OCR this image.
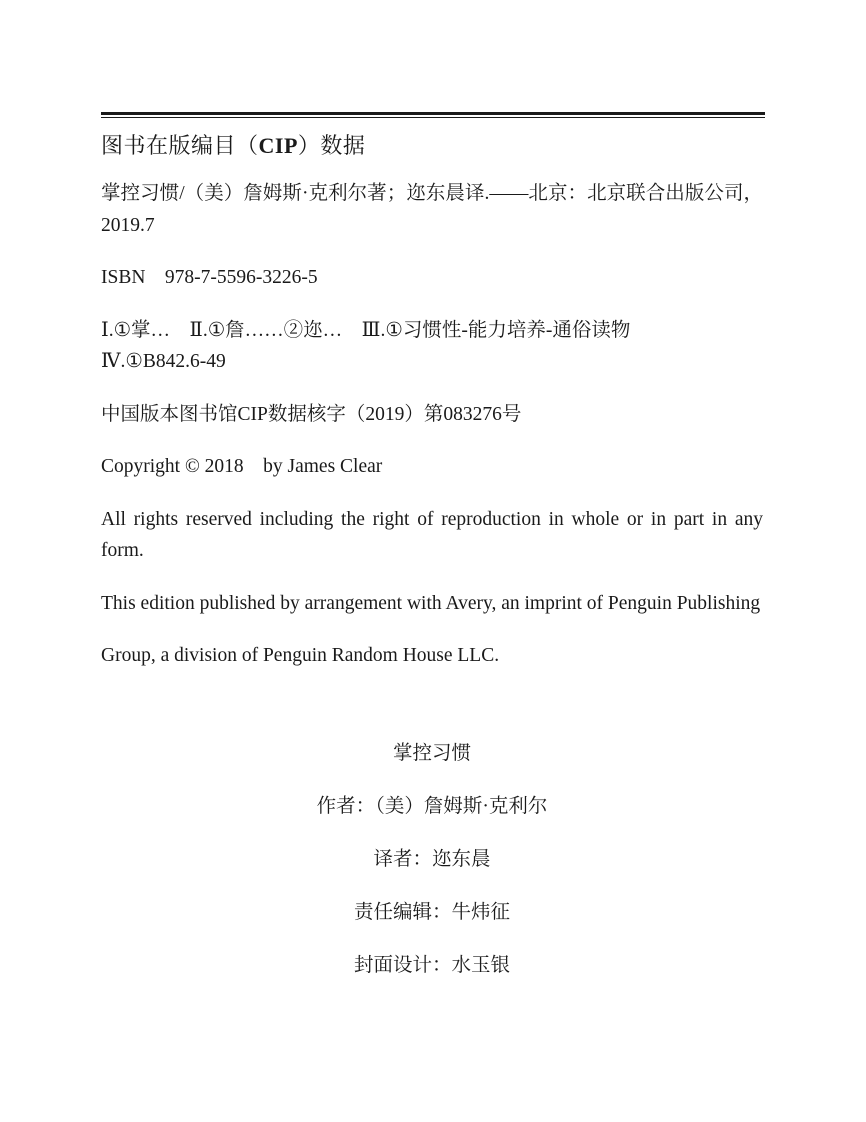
图书在版编目（CIP）数据
掌控习惯/（美）詹姆斯·克利尔著；迩东晨译.——北京：北京联合出版公司，2019.7
ISBN　978-7-5596-3226-5
Ⅰ.①掌…　Ⅱ.①詹……②迩…　Ⅲ.①习惯性-能力培养-通俗读物
Ⅳ.①B842.6-49
中国版本图书馆CIP数据核字（2019）第083276号
Copyright © 2018　by James Clear
All rights reserved including the right of reproduction in whole or in part in any form.
This edition published by arrangement with Avery, an imprint of Penguin Publishing
Group, a division of Penguin Random House LLC.
掌控习惯
作者：（美）詹姆斯·克利尔
译者：迩东晨
责任编辑：牛炜征
封面设计：水玉银
